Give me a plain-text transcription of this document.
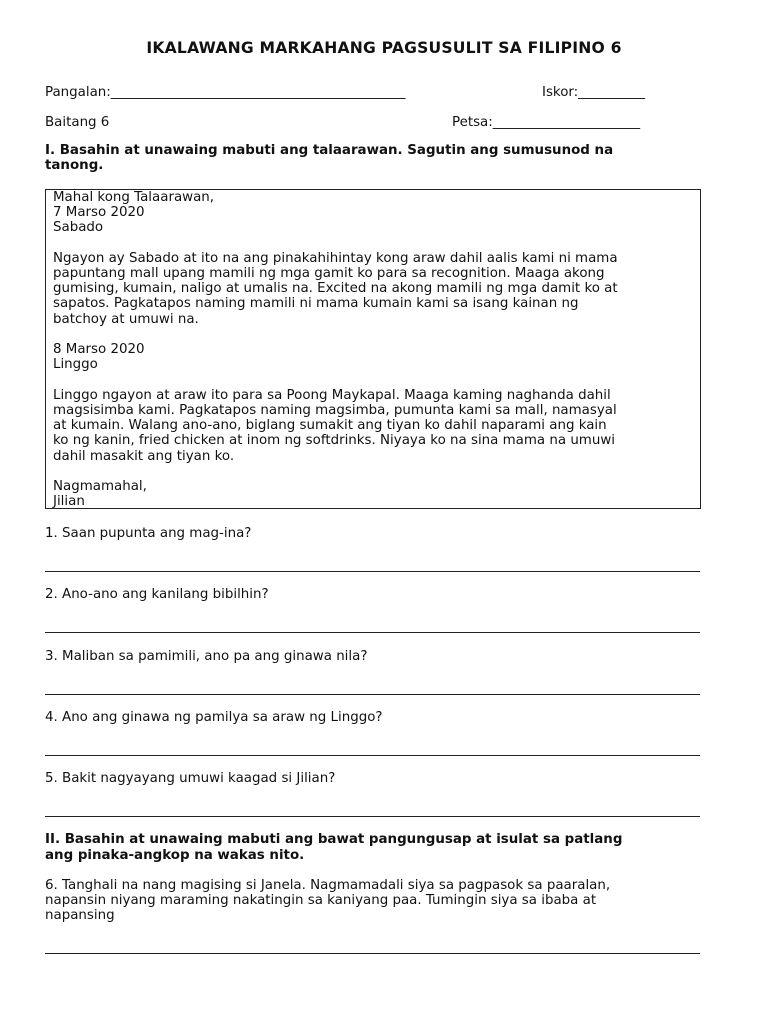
IKALAWANG MARKAHANG PAGSUSULIT SA FILIPINO 6
Pangalan:____________________________________________	Iskor:__________
Baitang 6	Petsa:______________________
I. Basahin at unawaing mabuti ang talaarawan. Sagutin ang sumusunod na
tanong.
Mahal kong Talaarawan,
7 Marso 2020
Sabado
Ngayon ay Sabado at ito na ang pinakahihintay kong araw dahil aalis kami ni mama
papuntang mall upang mamili ng mga gamit ko para sa recognition. Maaga akong
gumising, kumain, naligo at umalis na. Excited na akong mamili ng mga damit ko at
sapatos. Pagkatapos naming mamili ni mama kumain kami sa isang kainan ng
batchoy at umuwi na.
8 Marso 2020
Linggo
Linggo ngayon at araw ito para sa Poong Maykapal. Maaga kaming naghanda dahil
magsisimba kami. Pagkatapos naming magsimba, pumunta kami sa mall, namasyal
at kumain. Walang ano-ano, biglang sumakit ang tiyan ko dahil naparami ang kain
ko ng kanin, fried chicken at inom ng softdrinks. Niyaya ko na sina mama na umuwi
dahil masakit ang tiyan ko.
Nagmamahal,
Jilian
1. Saan pupunta ang mag-ina?
2. Ano-ano ang kanilang bibilhin?
3. Maliban sa pamimili, ano pa ang ginawa nila?
4. Ano ang ginawa ng pamilya sa araw ng Linggo?
5. Bakit nagyayang umuwi kaagad si Jilian?
II. Basahin at unawaing mabuti ang bawat pangungusap at isulat sa patlang
ang pinaka-angkop na wakas nito.
6. Tanghali na nang magising si Janela. Nagmamadali siya sa pagpasok sa paaralan,
napansin niyang maraming nakatingin sa kaniyang paa. Tumingin siya sa ibaba at
napansing
